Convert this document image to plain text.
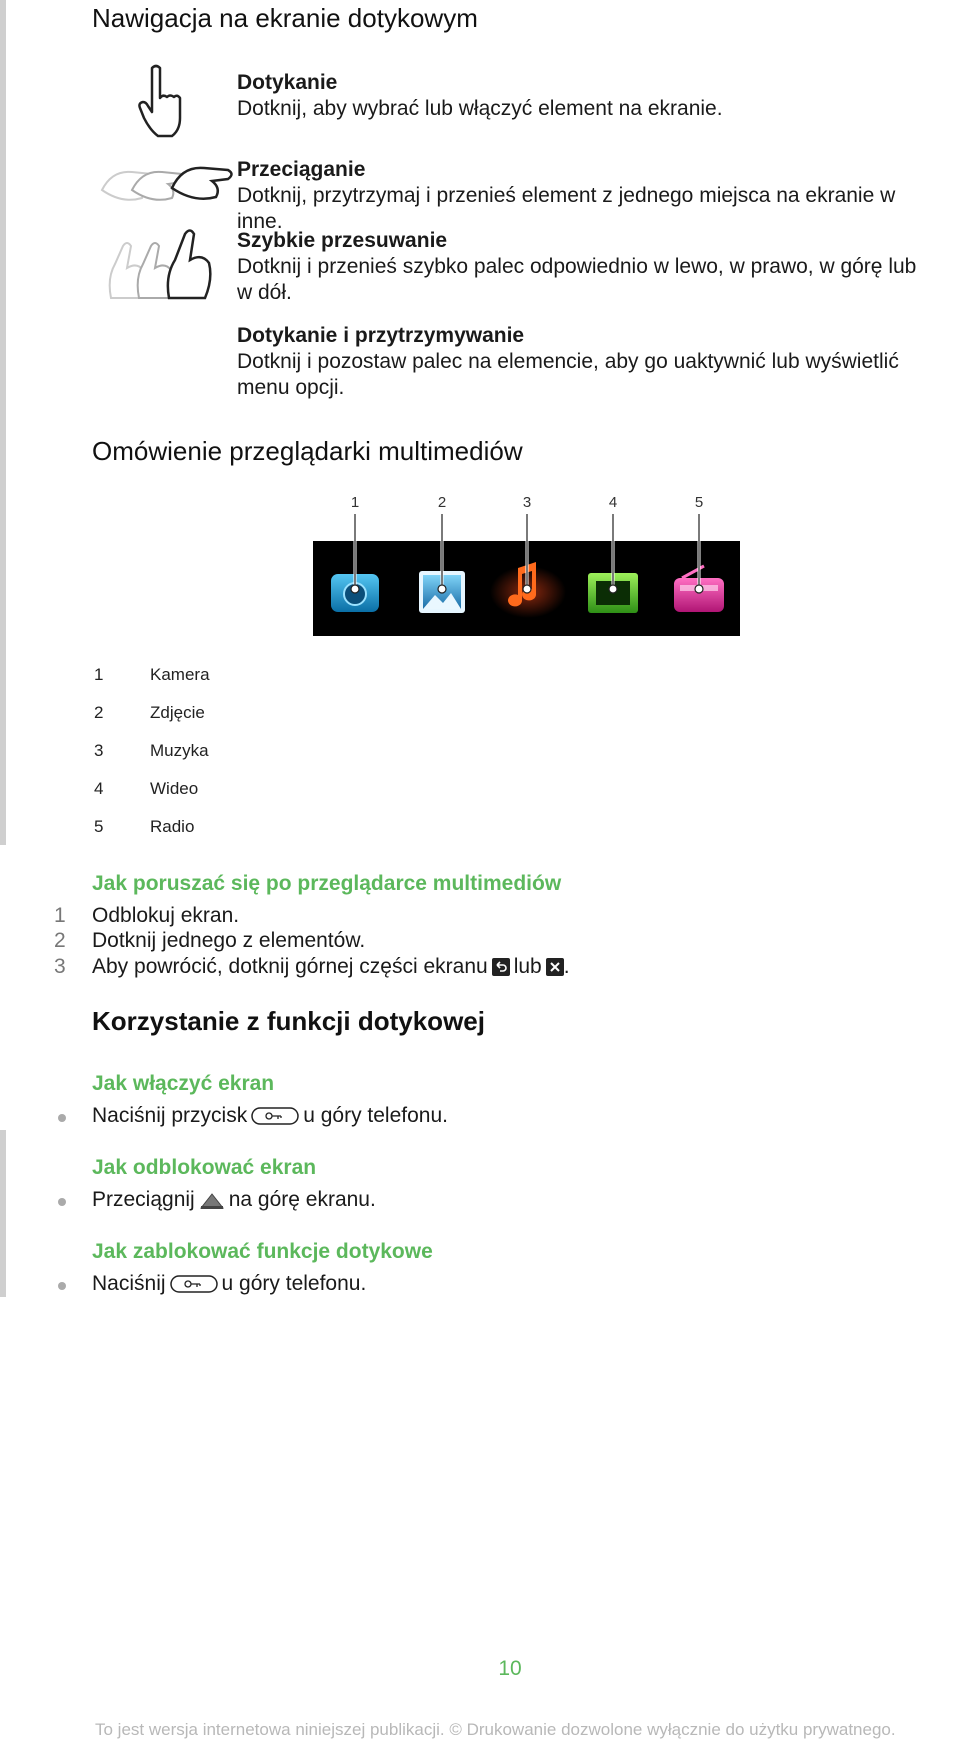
Nawigacja na ekranie dotykowym
Dotykanie
Dotknij, aby wybrać lub włączyć element na ekranie.
Przeciąganie
Dotknij, przytrzymaj i przenieś element z jednego miejsca na ekranie w inne.
Szybkie przesuwanie
Dotknij i przenieś szybko palec odpowiednio w lewo, w prawo, w górę lub w dół.
Dotykanie i przytrzymywanie
Dotknij i pozostaw palec na elemencie, aby go uaktywnić lub wyświetlić menu opcji.
Omówienie przeglądarki multimediów
1	2	3	4	5
1	Kamera
2	Zdjęcie
3	Muzyka
4	Wideo
5	Radio
Jak poruszać się po przeglądarce multimediów
1 Odblokuj ekran.
2 Dotknij jednego z elementów.
3 Aby powrócić, dotknij górnej części ekranu lub .
Korzystanie z funkcji dotykowej
Jak włączyć ekran
Naciśnij przycisk	u góry telefonu.
Jak odblokować ekran
Przeciągnij na górę ekranu.
Jak zablokować funkcje dotykowe
Naciśnij	u góry telefonu.
10
To jest wersja internetowa niniejszej publikacji. © Drukowanie dozwolone wyłącznie do użytku prywatnego.
